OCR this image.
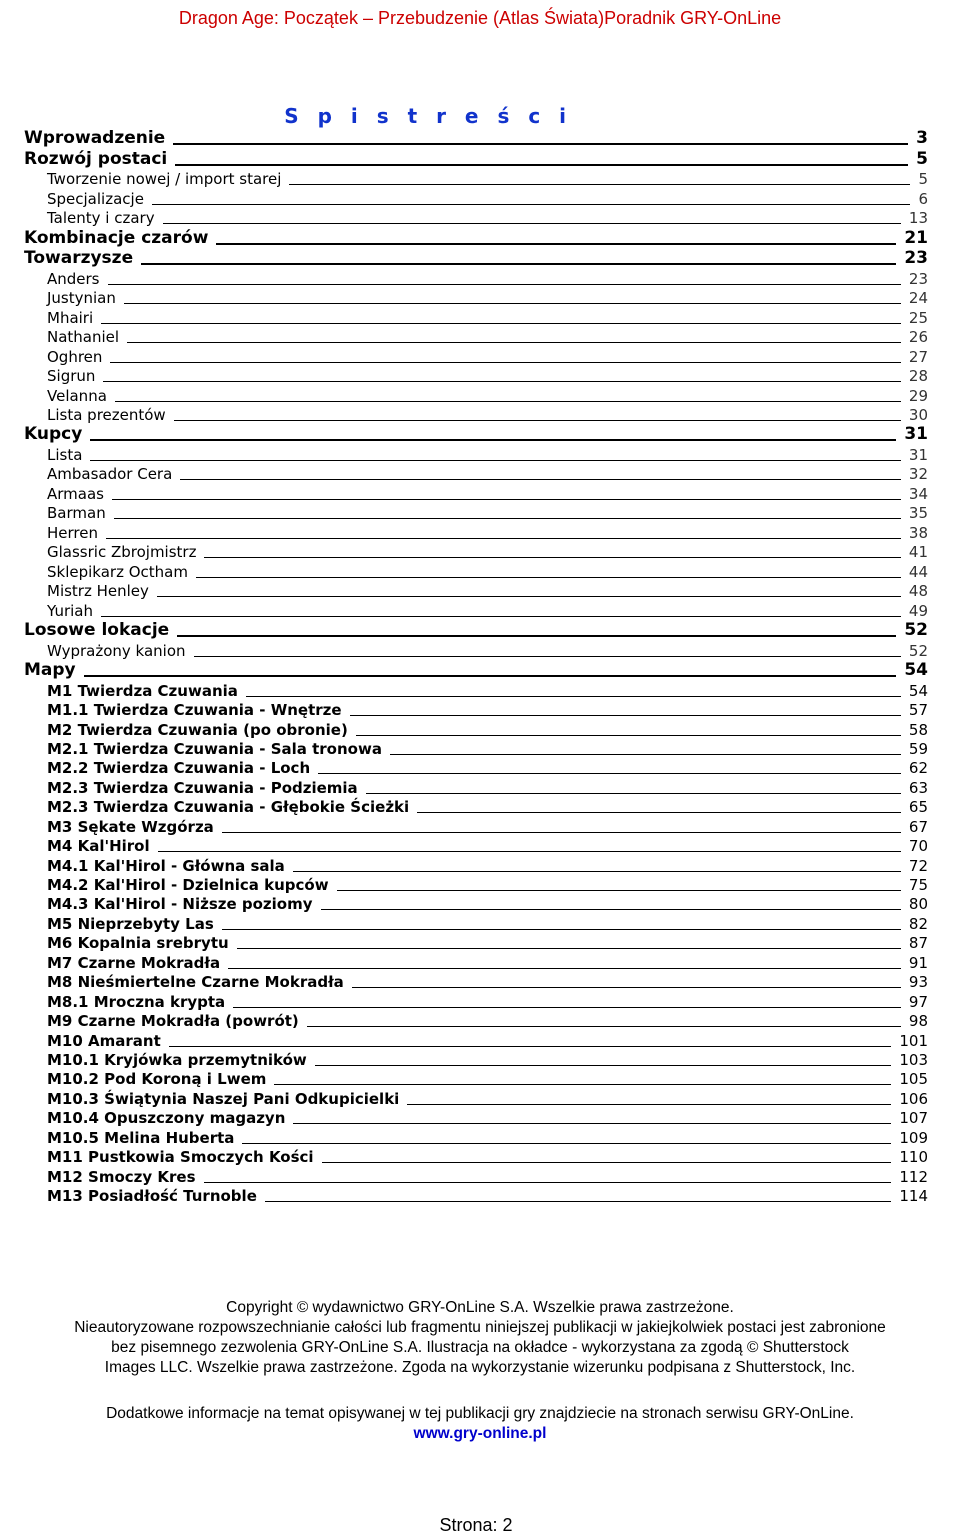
Dragon Age: Początek – Przebudzenie (Atlas Świata)Poradnik GRY-OnLine
S p i s t r e ś c i
Wprowadzenie	3
Rozwój postaci	5
Tworzenie nowej / import starej	5
Specjalizacje	6
Talenty i czary	13
Kombinacje czarów	21
Towarzysze	23
Anders	23
Justynian	24
Mhairi	25
Nathaniel	26
Oghren	27
Sigrun	28
Velanna	29
Lista prezentów	30
Kupcy	31
Lista	31
Ambasador Cera	32
Armaas	34
Barman	35
Herren	38
Glassric Zbrojmistrz	41
Sklepikarz Octham	44
Mistrz Henley	48
Yuriah	49
Losowe lokacje	52
Wyprażony kanion	52
Mapy	54
M1 Twierdza Czuwania	54
M1.1 Twierdza Czuwania - Wnętrze	57
M2 Twierdza Czuwania (po obronie)	58
M2.1 Twierdza Czuwania - Sala tronowa	59
M2.2 Twierdza Czuwania - Loch	62
M2.3 Twierdza Czuwania - Podziemia	63
M2.3 Twierdza Czuwania - Głębokie Ścieżki	65
M3 Sękate Wzgórza	67
M4 Kal'Hirol	70
M4.1 Kal'Hirol - Główna sala	72
M4.2 Kal'Hirol - Dzielnica kupców	75
M4.3 Kal'Hirol - Niższe poziomy	80
M5 Nieprzebyty Las	82
M6 Kopalnia srebrytu	87
M7 Czarne Mokradła	91
M8 Nieśmiertelne Czarne Mokradła	93
M8.1 Mroczna krypta	97
M9 Czarne Mokradła (powrót)	98
M10 Amarant	101
M10.1 Kryjówka przemytników	103
M10.2 Pod Koroną i Lwem	105
M10.3 Świątynia Naszej Pani Odkupicielki	106
M10.4 Opuszczony magazyn	107
M10.5 Melina Huberta	109
M11 Pustkowia Smoczych Kości	110
M12 Smoczy Kres	112
M13 Posiadłość Turnoble	114
Copyright © wydawnictwo GRY-OnLine S.A. Wszelkie prawa zastrzeżone.
Nieautoryzowane rozpowszechnianie całości lub fragmentu niniejszej publikacji w jakiejkolwiek postaci jest zabronione
bez pisemnego zezwolenia GRY-OnLine S.A. Ilustracja na okładce - wykorzystana za zgodą © Shutterstock
Images LLC. Wszelkie prawa zastrzeżone. Zgoda na wykorzystanie wizerunku podpisana z Shutterstock, Inc.
Dodatkowe informacje na temat opisywanej w tej publikacji gry znajdziecie na stronach serwisu GRY-OnLine.
www.gry-online.pl
Strona: 2
